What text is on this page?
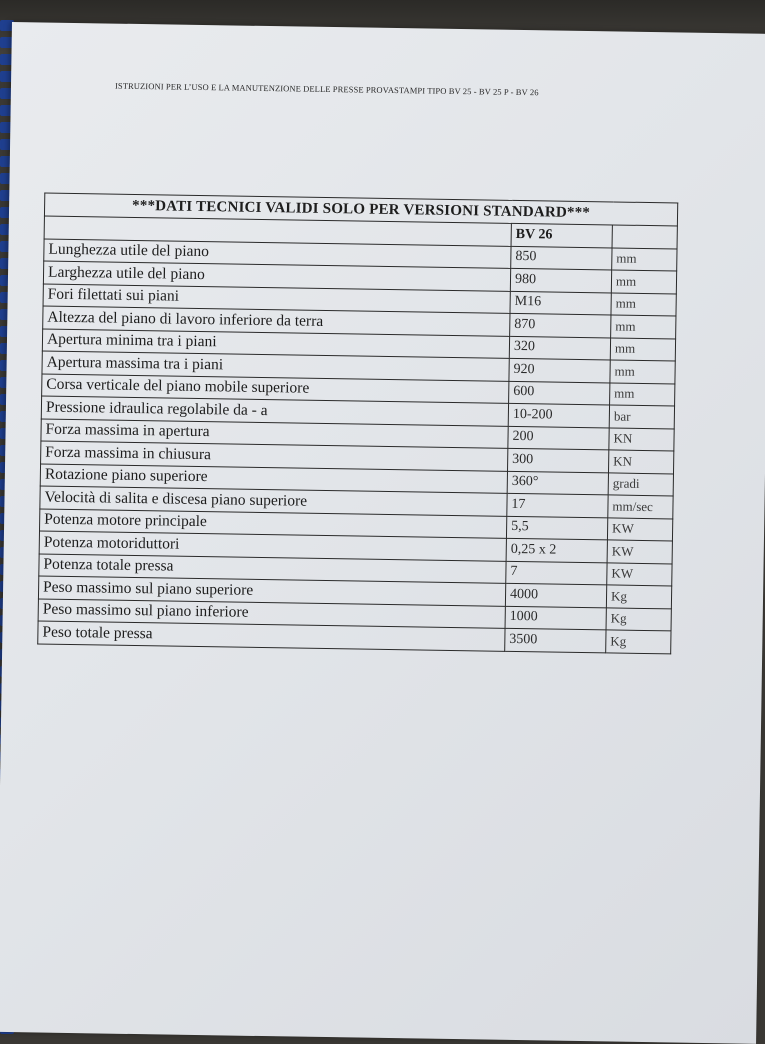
ISTRUZIONI PER L’USO E LA MANUTENZIONE DELLE PRESSE PROVASTAMPI TIPO BV 25 - BV 25 P - BV 26
***DATI TECNICI VALIDI SOLO PER VERSIONI STANDARD***		
	BV 26	
Lunghezza utile del piano	850	mm
Larghezza utile del piano	980	mm
Fori filettati sui piani	M16	mm
Altezza del piano di lavoro inferiore da terra	870	mm
Apertura minima tra i piani	320	mm
Apertura massima tra i piani	920	mm
Corsa verticale del piano mobile superiore	600	mm
Pressione idraulica regolabile da - a	10-200	bar
Forza massima in apertura	200	KN
Forza massima in chiusura	300	KN
Rotazione piano superiore	360°	gradi
Velocità di salita e discesa piano superiore	17	mm/sec
Potenza motore principale	5,5	KW
Potenza motoriduttori	0,25 x 2	KW
Potenza totale pressa	7	KW
Peso massimo sul piano superiore	4000	Kg
Peso massimo sul piano inferiore	1000	Kg
Peso totale pressa	3500	Kg
